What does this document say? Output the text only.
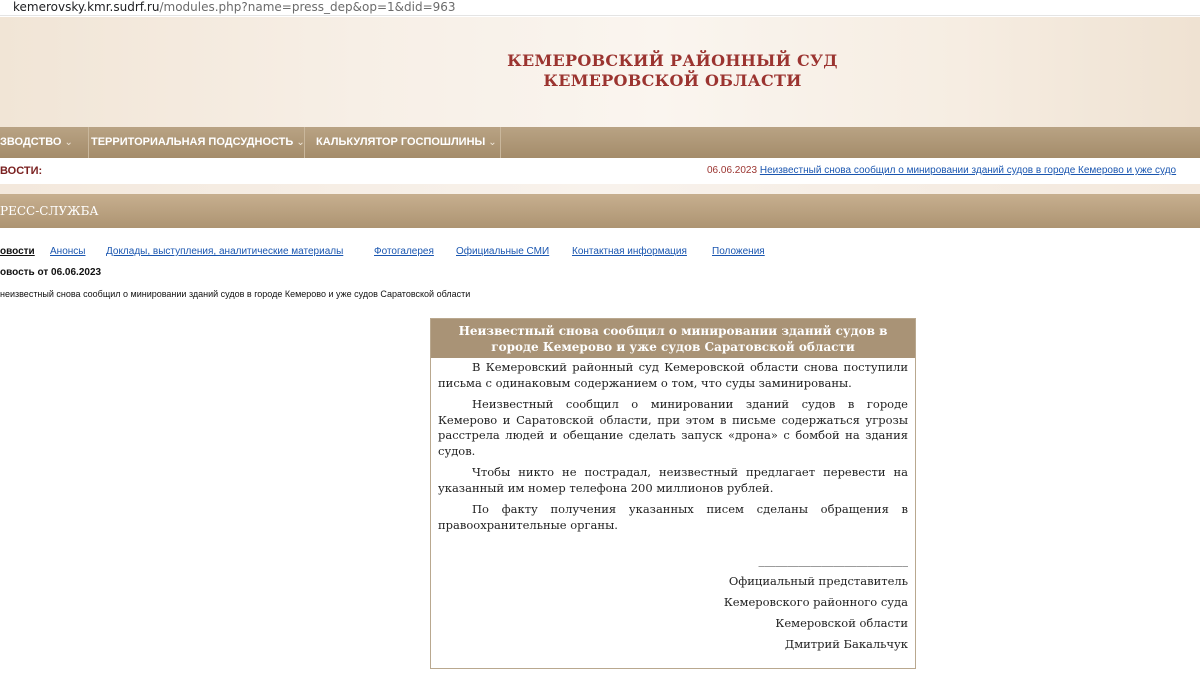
kemerovsky.kmr.sudrf.ru/modules.php?name=press_dep&op=1&did=963
КЕМЕРОВСКИЙ РАЙОННЫЙ СУД
КЕМЕРОВСКОЙ ОБЛАСТИ
ЗВОДСТВО ⌄	ТЕРРИТОРИАЛЬНАЯ ПОДСУДНОСТЬ ⌄	КАЛЬКУЛЯТОР ГОСПОШЛИНЫ ⌄
ВОСТИ:	06.06.2023 Неизвестный снова сообщил о минировании зданий судов в городе Кемерово и уже судо
РЕСС-СЛУЖБА
овости Анонсы Доклады, выступления, аналитические материалы	Фотогалерея Официальные СМИ Контактная информация	Положения
овость от 06.06.2023
неизвестный снова сообщил о минировании зданий судов в городе Кемерово и уже судов Саратовской области
Неизвестный снова сообщил о минировании зданий судов в городе Кемерово и уже судов Саратовской области

В Кемеровский районный суд Кемеровской области снова поступили письма с одинаковым содержанием о том, что суды заминированы.

Неизвестный сообщил о минировании зданий судов в городе Кемерово и Саратовской области, при этом в письме содержаться угрозы расстрела людей и обещание сделать запуск «дрона» с бомбой на здания судов.

Чтобы никто не пострадал, неизвестный предлагает перевести на указанный им номер телефона 200 миллионов рублей.

По факту получения указанных писем сделаны обращения в правоохранительные органы.

__________________________
Официальный представитель
Кемеровского районного суда
Кемеровской области
Дмитрий Бакальчук
